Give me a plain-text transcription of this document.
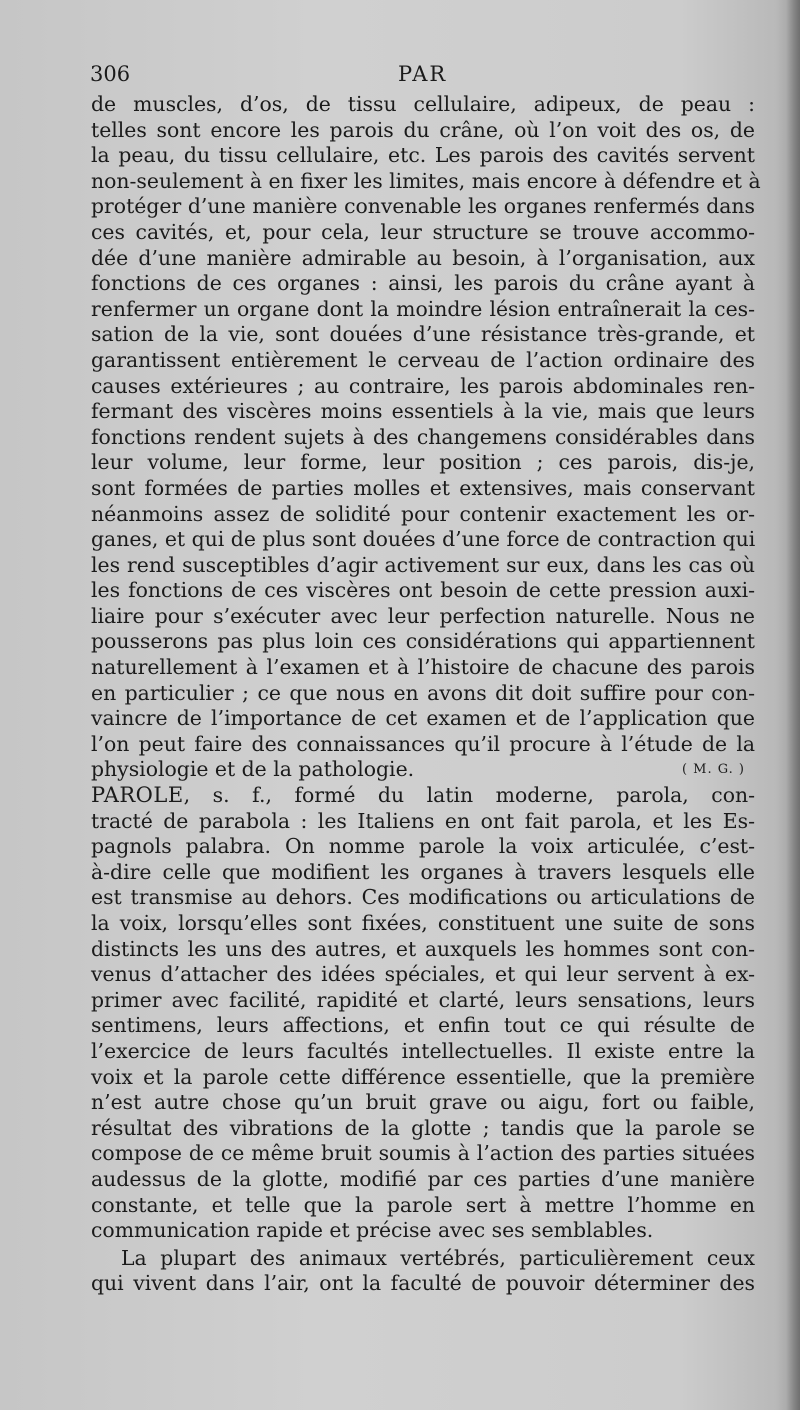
306	PAR
de muscles, d’os, de tissu cellulaire, adipeux, de peau :
telles sont encore les parois du crâne, où l’on voit des os, de
la peau, du tissu cellulaire, etc. Les parois des cavités servent
non-seulement à en fixer les limites, mais encore à défendre et à
protéger d’une manière convenable les organes renfermés dans
ces cavités, et, pour cela, leur structure se trouve accommo-
dée d’une manière admirable au besoin, à l’organisation, aux
fonctions de ces organes : ainsi, les parois du crâne ayant à
renfermer un organe dont la moindre lésion entraînerait la ces-
sation de la vie, sont douées d’une résistance très-grande, et
garantissent entièrement le cerveau de l’action ordinaire des
causes extérieures ; au contraire, les parois abdominales ren-
fermant des viscères moins essentiels à la vie, mais que leurs
fonctions rendent sujets à des changemens considérables dans
leur volume, leur forme, leur position ; ces parois, dis-je,
sont formées de parties molles et extensives, mais conservant
néanmoins assez de solidité pour contenir exactement les or-
ganes, et qui de plus sont douées d’une force de contraction qui
les rend susceptibles d’agir activement sur eux, dans les cas où
les fonctions de ces viscères ont besoin de cette pression auxi-
liaire pour s’exécuter avec leur perfection naturelle. Nous ne
pousserons pas plus loin ces considérations qui appartiennent
naturellement à l’examen et à l’histoire de chacune des parois
en particulier ; ce que nous en avons dit doit suffire pour con-
vaincre de l’importance de cet examen et de l’application que
l’on peut faire des connaissances qu’il procure à l’étude de la
physiologie et de la pathologie.	( M. G. )
PAROLE, s. f., formé du latin moderne, parola, con-
tracté de parabola : les Italiens en ont fait parola, et les Es-
pagnols palabra. On nomme parole la voix articulée, c’est-
à-dire celle que modifient les organes à travers lesquels elle
est transmise au dehors. Ces modifications ou articulations de
la voix, lorsqu’elles sont fixées, constituent une suite de sons
distincts les uns des autres, et auxquels les hommes sont con-
venus d’attacher des idées spéciales, et qui leur servent à ex-
primer avec facilité, rapidité et clarté, leurs sensations, leurs
sentimens, leurs affections, et enfin tout ce qui résulte de
l’exercice de leurs facultés intellectuelles. Il existe entre la
voix et la parole cette différence essentielle, que la première
n’est autre chose qu’un bruit grave ou aigu, fort ou faible,
résultat des vibrations de la glotte ; tandis que la parole se
compose de ce même bruit soumis à l’action des parties situées
audessus de la glotte, modifié par ces parties d’une manière
constante, et telle que la parole sert à mettre l’homme en
communication rapide et précise avec ses semblables.
La plupart des animaux vertébrés, particulièrement ceux
qui vivent dans l’air, ont la faculté de pouvoir déterminer des
